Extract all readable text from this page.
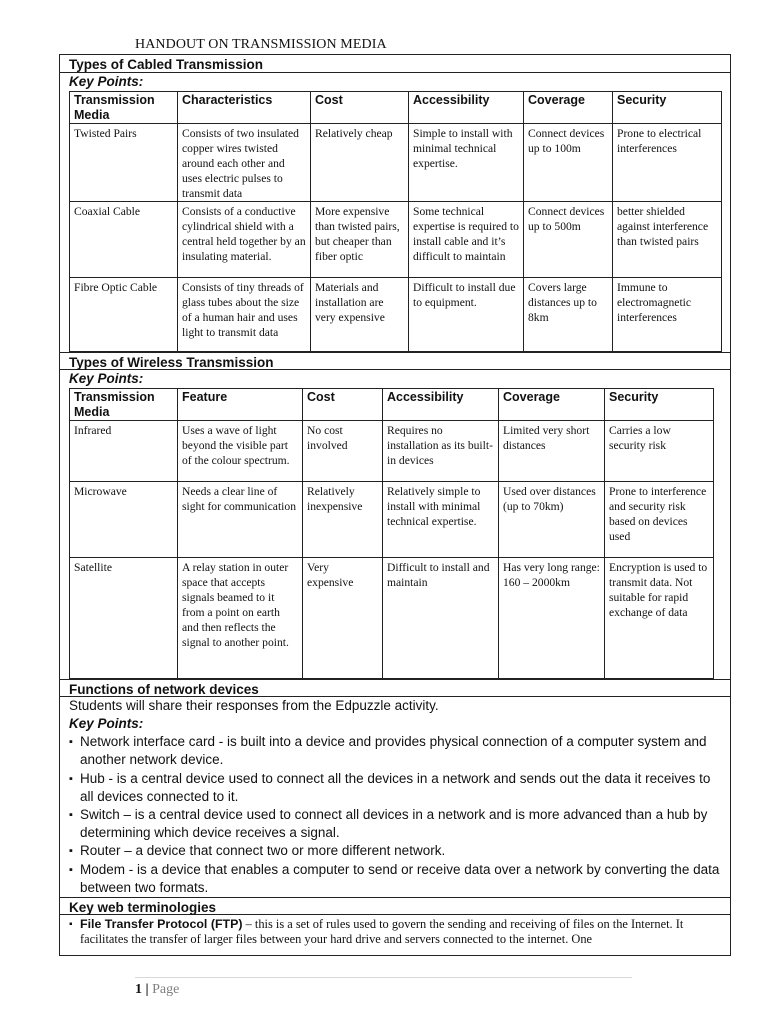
HANDOUT ON TRANSMISSION MEDIA
Types of Cabled Transmission
Key Points:
Transmission Media	Characteristics	Cost	Accessibility	Coverage	Security
Twisted Pairs	Consists of two insulated copper wires twisted around each other and uses electric pulses to transmit data	Relatively cheap	Simple to install with minimal technical expertise.	Connect devices up to 100m	Prone to electrical interferences
Coaxial Cable	Consists of a conductive cylindrical shield with a central held together by an insulating material.	More expensive than twisted pairs, but cheaper than fiber optic	Some technical expertise is required to install cable and it’s difficult to maintain	Connect devices up to 500m	better shielded against interference than twisted pairs
Fibre Optic Cable	Consists of tiny threads of glass tubes about the size of a human hair and uses light to transmit data	Materials and installation are very expensive	Difficult to install due to equipment.	Covers large distances up to 8km	Immune to electromagnetic interferences
Types of Wireless Transmission
Key Points:
Transmission Media	Feature	Cost	Accessibility	Coverage	Security
Infrared	Uses a wave of light beyond the visible part of the colour spectrum.	No cost involved	Requires no installation as its built-in devices	Limited very short distances	Carries a low security risk
Microwave	Needs a clear line of sight for communication	Relatively inexpensive	Relatively simple to install with minimal technical expertise.	Used over distances (up to 70km)	Prone to interference and security risk based on devices used
Satellite	A relay station in outer space that accepts signals beamed to it from a point on earth and then reflects the signal to another point.	Very expensive	Difficult to install and maintain	Has very long range: 160 – 2000km	Encryption is used to transmit data. Not suitable for rapid exchange of data
Functions of network devices
Students will share their responses from the Edpuzzle activity.
Key Points:
▪ Network interface card - is built into a device and provides physical connection of a computer system and another network device.
▪ Hub - is a central device used to connect all the devices in a network and sends out the data it receives to all devices connected to it.
▪ Switch – is a central device used to connect all devices in a network and is more advanced than a hub by determining which device receives a signal.
▪ Router – a device that connect two or more different network.
▪ Modem - is a device that enables a computer to send or receive data over a network by converting the data between two formats.
Key web terminologies
▪ File Transfer Protocol (FTP) – this is a set of rules used to govern the sending and receiving of files on the Internet. It facilitates the transfer of larger files between your hard drive and servers connected to the internet. One
1 | Page
